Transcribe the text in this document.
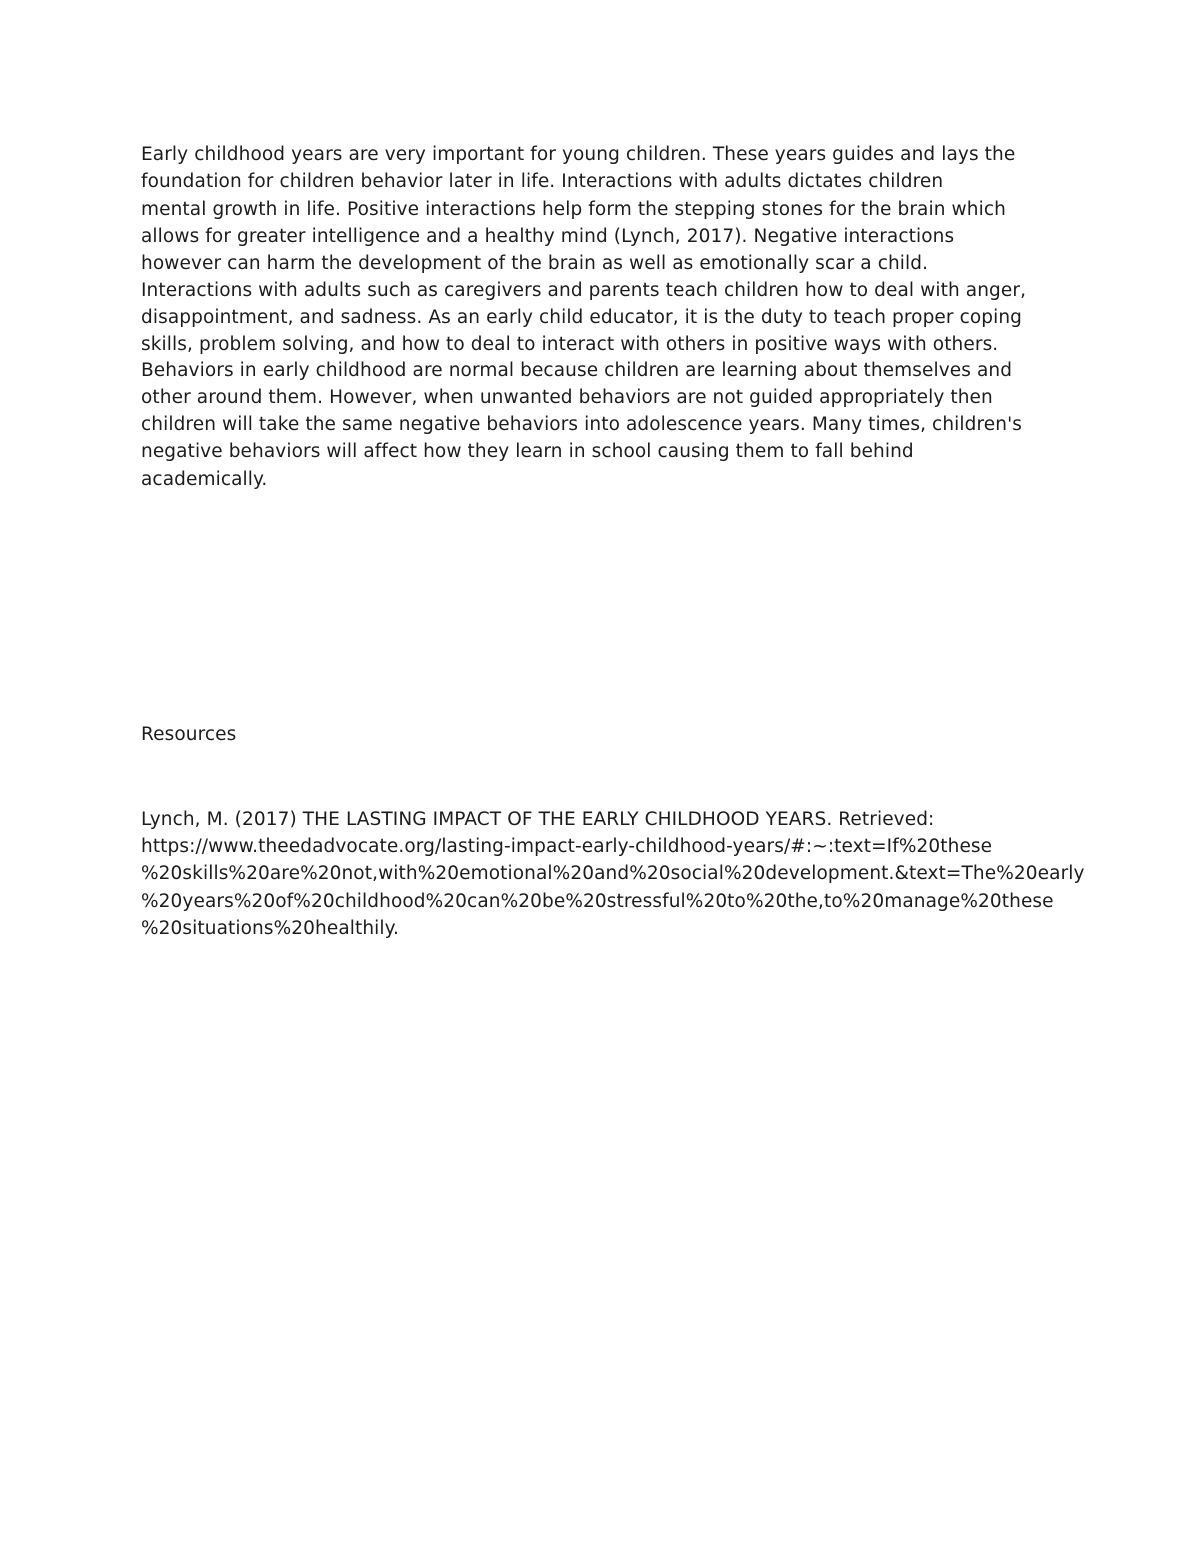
Early childhood years are very important for young children. These years guides and lays the

foundation for children behavior later in life. Interactions with adults dictates children

mental growth in life. Positive interactions help form the stepping stones for the brain which

allows for greater intelligence and a healthy mind (Lynch, 2017). Negative interactions

however can harm the development of the brain as well as emotionally scar a child.

Interactions with adults such as caregivers and parents teach children how to deal with anger,

disappointment, and sadness. As an early child educator, it is the duty to teach proper coping

skills, problem solving, and how to deal to interact with others in positive ways with others.

Behaviors in early childhood are normal because children are learning about themselves and

other around them. However, when unwanted behaviors are not guided appropriately then

children will take the same negative behaviors into adolescence years. Many times, children's

negative behaviors will affect how they learn in school causing them to fall behind

academically.

Resources

Lynch, M. (2017) THE LASTING IMPACT OF THE EARLY CHILDHOOD YEARS. Retrieved:

https://www.theedadvocate.org/lasting-impact-early-childhood-years/#:~:text=If%20these

%20skills%20are%20not,with%20emotional%20and%20social%20development.&text=The%20early

%20years%20of%20childhood%20can%20be%20stressful%20to%20the,to%20manage%20these

%20situations%20healthily.
